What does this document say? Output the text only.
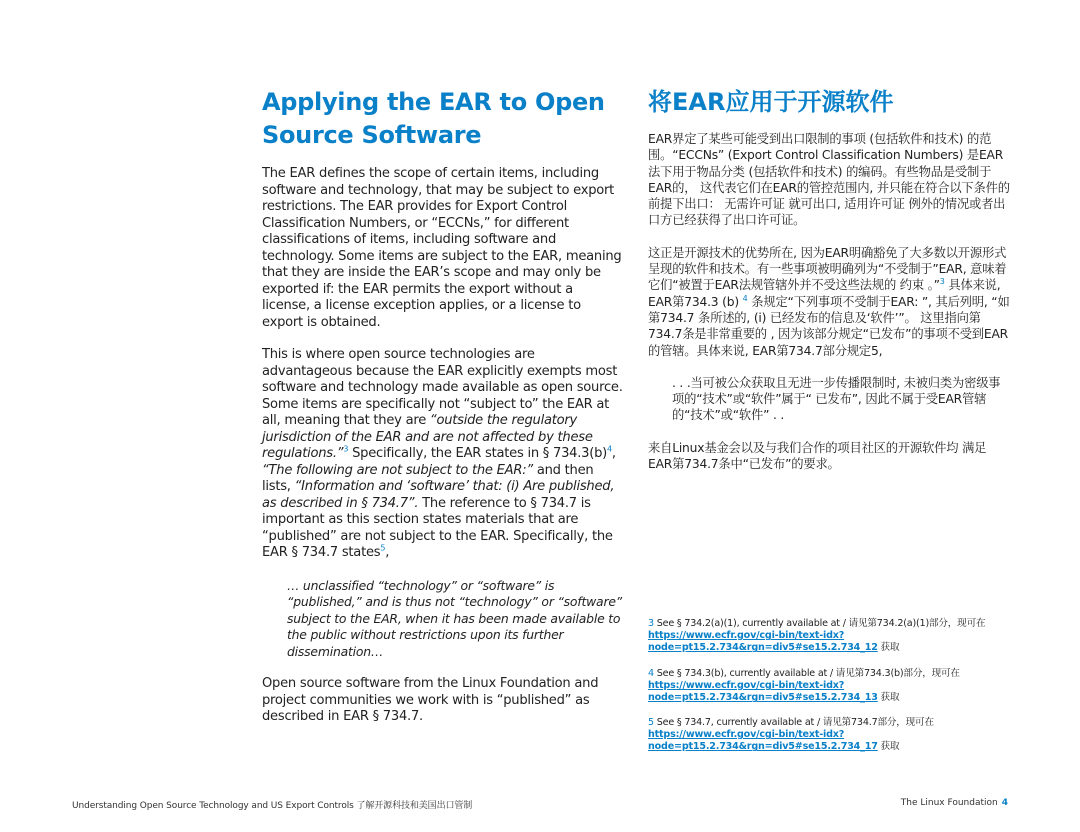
Applying the EAR to Open
Source Software

The EAR defines the scope of certain items, including software and technology, that may be subject to export restrictions. The EAR provides for Export Control Classification Numbers, or “ECCNs,” for different classifications of items, including software and technology. Some items are subject to the EAR, meaning that they are inside the EAR’s scope and may only be exported if: the EAR permits the export without a license, a license exception applies, or a license to export is obtained.

This is where open source technologies are advantageous because the EAR explicitly exempts most software and technology made available as open source. Some items are specifically not “subject to” the EAR at all, meaning that they are “outside the regulatory jurisdiction of the EAR and are not affected by these regulations.”$^3$ Specifically, the EAR states in § $734.3(b)^4$, “The following are not subject to the EAR:” and then lists, “Information and ‘software’ that: (i) Are published, as described in § 734.7”. The reference to § 734.7 is important as this section states materials that are “published” are not subject to the EAR. Specifically, the EAR § 734.7 states$^5$,

… unclassified “technology” or “software” is “published,” and is thus not “technology” or “software” subject to the EAR, when it has been made available to the public without restrictions upon its further dissemination…

Open source software from the Linux Foundation and project communities we work with is “published” as described in EAR § 734.7.

将EAR应用于开源软件

EAR界定了某些可能受到出口限制的事项 (包括软件和技术) 的范围。“ECCNs” (Export Control Classification Numbers) 是EAR法下用于物品分类 (包括软件和技术) 的编码。有些物品是受制于EAR的， 这代表它们在EAR的管控范围内, 并只能在符合以下条件的前提下出口： 无需许可证 就可出口, 适用许可证 例外的情况或者出口方已经获得了出口许可证。

这正是开源技术的优势所在, 因为EAR明确豁免了大多数以开源形式呈现的软件和技术。有一些事项被明确列为“不受制于”EAR, 意味着它们“被置于EAR法规管辖外并不受这些法规的 约束 。”$^3$ 具体来说, EAR第734.3 (b) $^4$ 条规定“下列事项不受制于EAR: ”, 其后列明, “如第734.7 条所述的, (i) 已经发布的信息及‘软件’”。 这里指向第734.7条是非常重要的 , 因为该部分规定“已发布”的事项不受到EAR的管辖。具体来说, EAR第734.7部分规定5,

. . .当可被公众获取且无进一步传播限制时, 未被归类为密级事项的“技术”或“软件”属于“ 已发布”, 因此不属于受EAR管辖的“技术”或“软件” . .

来自Linux基金会以及与我们合作的项目社区的开源软件均 满足EAR第734.7条中“已发布”的要求。

3 See § 734.2(a)(1), currently available at / 请见第734.2(a)(1)部分，现可在 https://www.ecfr.gov/cgi-bin/text-idx?node=pt15.2.734&rgn=div5#se15.2.734_12 获取
4 See § 734.3(b), currently available at / 请见第734.3(b)部分，现可在 https://www.ecfr.gov/cgi-bin/text-idx?node=pt15.2.734&rgn=div5#se15.2.734_13 获取
5 See § 734.7, currently available at / 请见第734.7部分，现可在 https://www.ecfr.gov/cgi-bin/text-idx?node=pt15.2.734&rgn=div5#se15.2.734_17 获取
Understanding Open Source Technology and US Export Controls 了解开源科技和美国出口管制	The Linux Foundation 4
